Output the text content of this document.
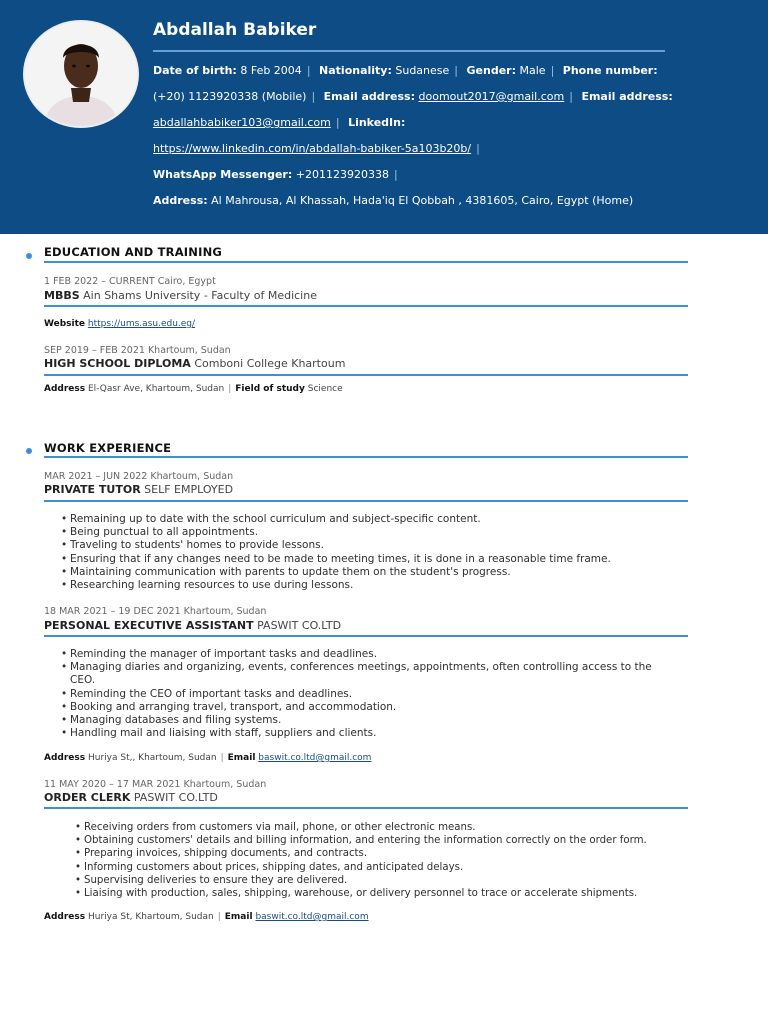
Abdallah Babiker
Date of birth: 8 Feb 2004 | Nationality: Sudanese | Gender: Male | Phone number:
(+20) 1123920338 (Mobile) | Email address: doomout2017@gmail.com | Email address:
abdallahbabiker103@gmail.com | LinkedIn:
https://www.linkedin.com/in/abdallah-babiker-5a103b20b/ |
WhatsApp Messenger: +201123920338 |
Address: Al Mahrousa, Al Khassah, Hada'iq El Qobbah , 4381605, Cairo, Egypt (Home)
EDUCATION AND TRAINING
1 FEB 2022 – CURRENT Cairo, Egypt
MBBS Ain Shams University - Faculty of Medicine
Website https://ums.asu.edu.eg/
SEP 2019 – FEB 2021 Khartoum, Sudan
HIGH SCHOOL DIPLOMA Comboni College Khartoum
Address El-Qasr Ave, Khartoum, Sudan | Field of study Science
WORK EXPERIENCE
MAR 2021 – JUN 2022 Khartoum, Sudan
PRIVATE TUTOR SELF EMPLOYED
• Remaining up to date with the school curriculum and subject-specific content.
• Being punctual to all appointments.
• Traveling to students' homes to provide lessons.
• Ensuring that if any changes need to be made to meeting times, it is done in a reasonable time frame.
• Maintaining communication with parents to update them on the student's progress.
• Researching learning resources to use during lessons.
18 MAR 2021 – 19 DEC 2021 Khartoum, Sudan
PERSONAL EXECUTIVE ASSISTANT PASWIT CO.LTD
• Reminding the manager of important tasks and deadlines.
• Managing diaries and organizing, events, conferences meetings, appointments, often controlling access to the CEO.
• Reminding the CEO of important tasks and deadlines.
• Booking and arranging travel, transport, and accommodation.
• Managing databases and filing systems.
• Handling mail and liaising with staff, suppliers and clients.
Address Huriya St,, Khartoum, Sudan | Email baswit.co.ltd@gmail.com
11 MAY 2020 – 17 MAR 2021 Khartoum, Sudan
ORDER CLERK PASWIT CO.LTD
• Receiving orders from customers via mail, phone, or other electronic means.
• Obtaining customers' details and billing information, and entering the information correctly on the order form.
• Preparing invoices, shipping documents, and contracts.
• Informing customers about prices, shipping dates, and anticipated delays.
• Supervising deliveries to ensure they are delivered.
• Liaising with production, sales, shipping, warehouse, or delivery personnel to trace or accelerate shipments.
Address Huriya St, Khartoum, Sudan | Email baswit.co.ltd@gmail.com
